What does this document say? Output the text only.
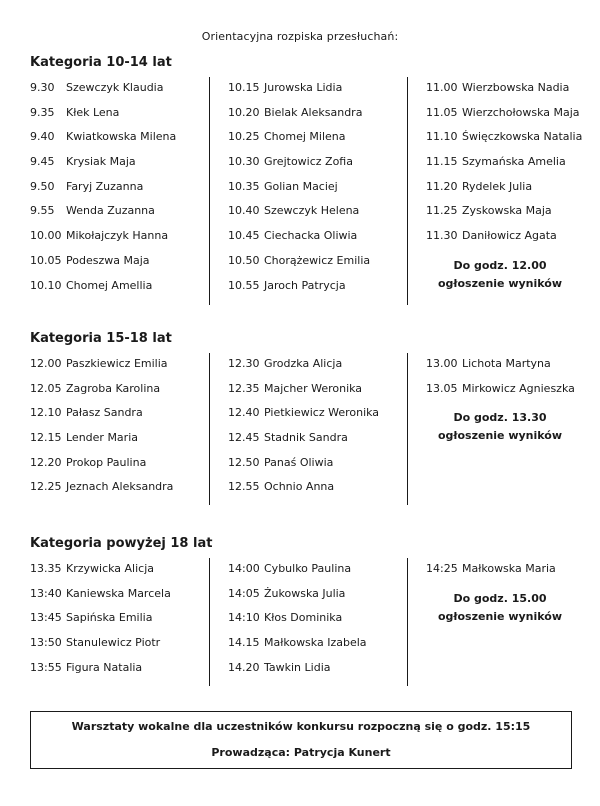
Orientacyjna rozpiska przesłuchań:
Kategoria 10-14 lat
9.30	Szewczyk Klaudia
9.35	Kłek Lena
9.40	Kwiatkowska Milena
9.45	Krysiak Maja
9.50	Faryj Zuzanna
9.55	Wenda Zuzanna
10.00 Mikołajczyk Hanna
10.05 Podeszwa Maja
10.10 Chomej Amellia
10.15 Jurowska Lidia
10.20 Bielak Aleksandra
10.25 Chomej Milena
10.30 Grejtowicz Zofia
10.35 Golian Maciej
10.40 Szewczyk Helena
10.45 Ciechacka Oliwia
10.50 Chorążewicz Emilia
10.55 Jaroch Patrycja
11.00 Wierzbowska Nadia
11.05 Wierzchołowska Maja
11.10 Święczkowska Natalia
11.15 Szymańska Amelia
11.20 Rydelek Julia
11.25 Zyskowska Maja
11.30 Daniłowicz Agata
Do godz. 12.00 ogłoszenie wyników
Kategoria 15-18 lat
12.00 Paszkiewicz Emilia
12.05 Zagroba Karolina
12.10 Pałasz Sandra
12.15 Lender Maria
12.20 Prokop Paulina
12.25 Jeznach Aleksandra
12.30 Grodzka Alicja
12.35 Majcher Weronika
12.40 Pietkiewicz Weronika
12.45 Stadnik Sandra
12.50 Panaś Oliwia
12.55 Ochnio Anna
13.00 Lichota Martyna
13.05 Mirkowicz Agnieszka
Do godz. 13.30 ogłoszenie wyników
Kategoria powyżej 18 lat
13.35 Krzywicka Alicja
13:40 Kaniewska Marcela
13:45 Sapińska Emilia
13:50 Stanulewicz Piotr
13:55 Figura Natalia
14:00 Cybulko Paulina
14:05 Żukowska Julia
14:10 Kłos Dominika
14.15 Małkowska Izabela
14.20 Tawkin Lidia
14:25 Małkowska Maria
Do godz. 15.00 ogłoszenie wyników
Warsztaty wokalne dla uczestników konkursu rozpoczną się o godz. 15:15
Prowadząca: Patrycja Kunert
